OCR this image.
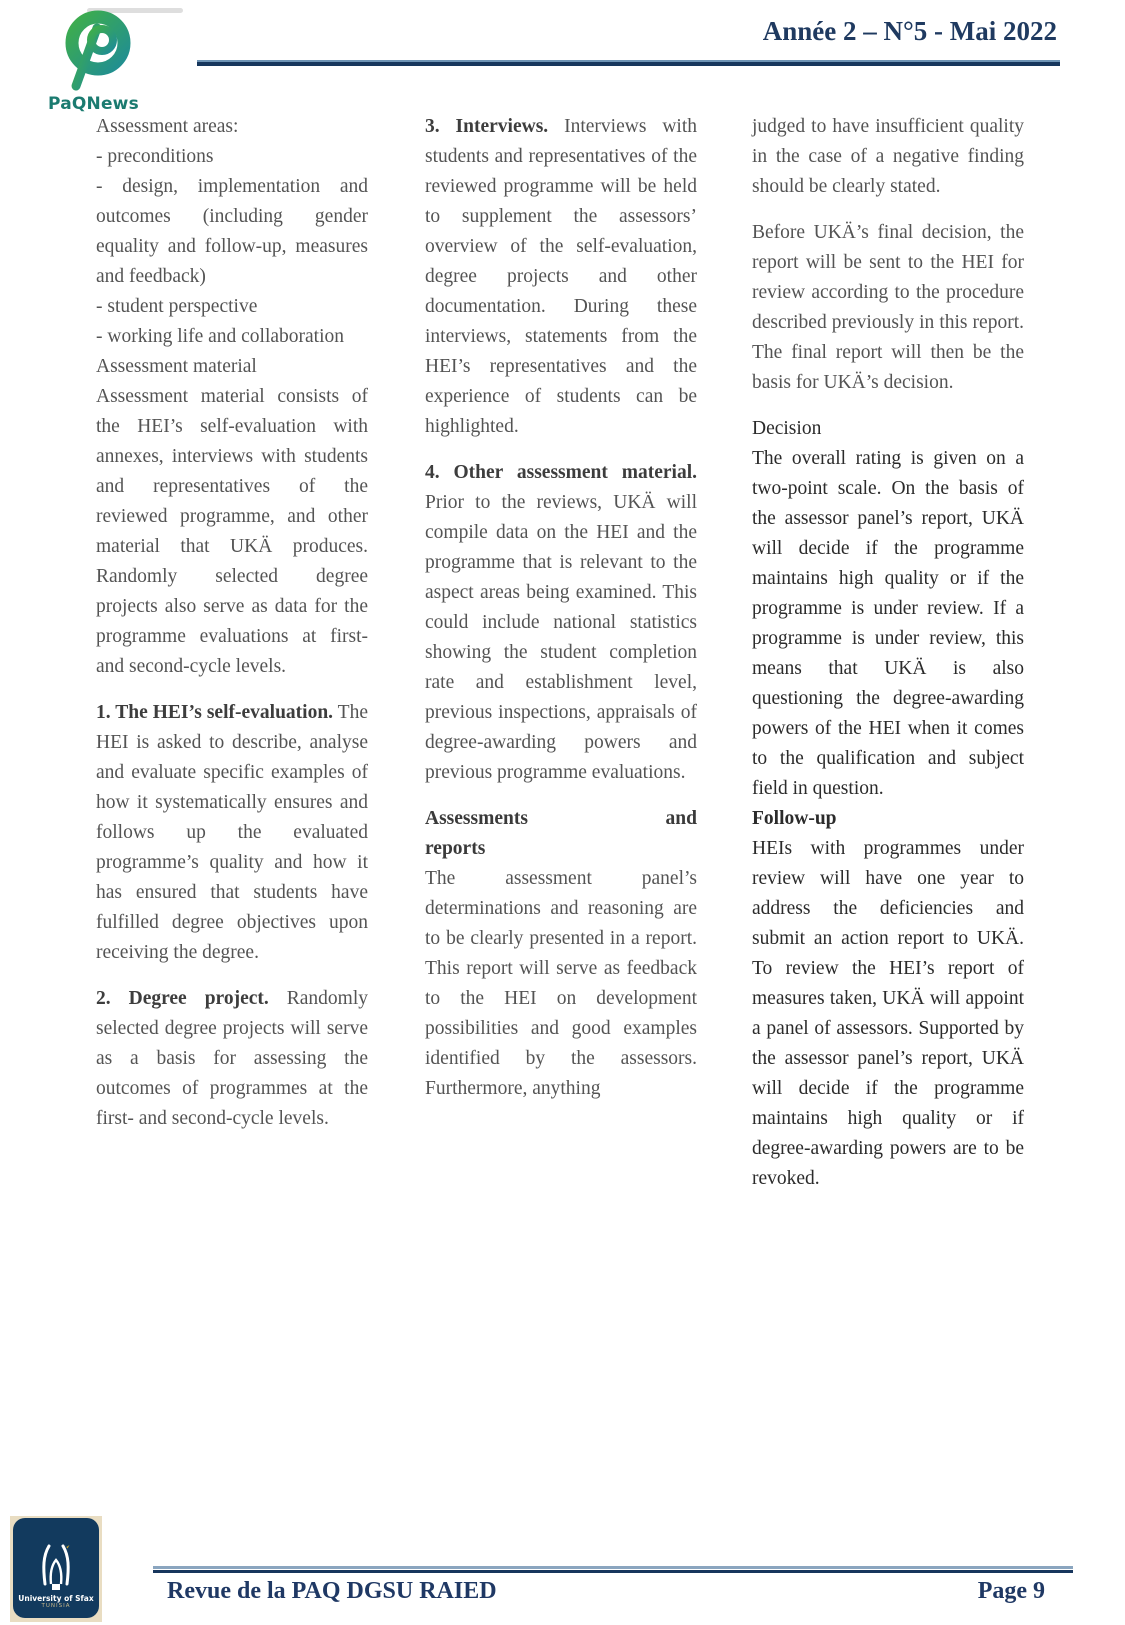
PaQNews
Année 2 – N°5 - Mai 2022
Assessment areas:
- preconditions
- design, implementation and outcomes (including gender equality and follow-up, measures and feedback)
- student perspective
- working life and collaboration
Assessment material

Assessment material consists of the HEI’s self-evaluation with annexes, interviews with students and representatives of the reviewed programme, and other material that UKÄ produces. Randomly selected degree projects also serve as data for the programme evaluations at first- and second-cycle levels.

1. The HEI’s self-evaluation. The HEI is asked to describe, analyse and evaluate specific examples of how it systematically ensures and follows up the evaluated programme’s quality and how it has ensured that students have fulfilled degree objectives upon receiving the degree.

2. Degree project. Randomly selected degree projects will serve as a basis for assessing the outcomes of programmes at the first- and second-cycle levels.

3. Interviews. Interviews with students and representatives of the reviewed programme will be held to supplement the assessors’ overview of the self-evaluation, degree projects and other documentation. During these interviews, statements from the HEI’s representatives and the experience of students can be highlighted.

4. Other assessment material. Prior to the reviews, UKÄ will compile data on the HEI and the programme that is relevant to the aspect areas being examined. This could include national statistics showing the student completion rate and establishment level, previous inspections, appraisals of degree-awarding powers and previous programme evaluations.

Assessments and
reports

The assessment panel’s determinations and reasoning are to be clearly presented in a report. This report will serve as feedback to the HEI on development possibilities and good examples identified by the assessors. Furthermore, anything

judged to have insufficient quality in the case of a negative finding should be clearly stated.

Before UKÄ’s final decision, the report will be sent to the HEI for review according to the procedure described previously in this report. The final report will then be the basis for UKÄ’s decision.

Decision

The overall rating is given on a two-point scale. On the basis of the assessor panel’s report, UKÄ will decide if the programme maintains high quality or if the programme is under review. If a programme is under review, this means that UKÄ is also questioning the degree-awarding powers of the HEI when it comes to the qualification and subject field in question.

Follow-up

HEIs with programmes under review will have one year to address the deficiencies and submit an action report to UKÄ. To review the HEI’s report of measures taken, UKÄ will appoint a panel of assessors. Supported by the assessor panel’s report, UKÄ will decide if the programme maintains high quality or if degree-awarding powers are to be revoked.

University of Sfax
TUNISIA
Revue de la PAQ DGSU RAIED	Page 9
